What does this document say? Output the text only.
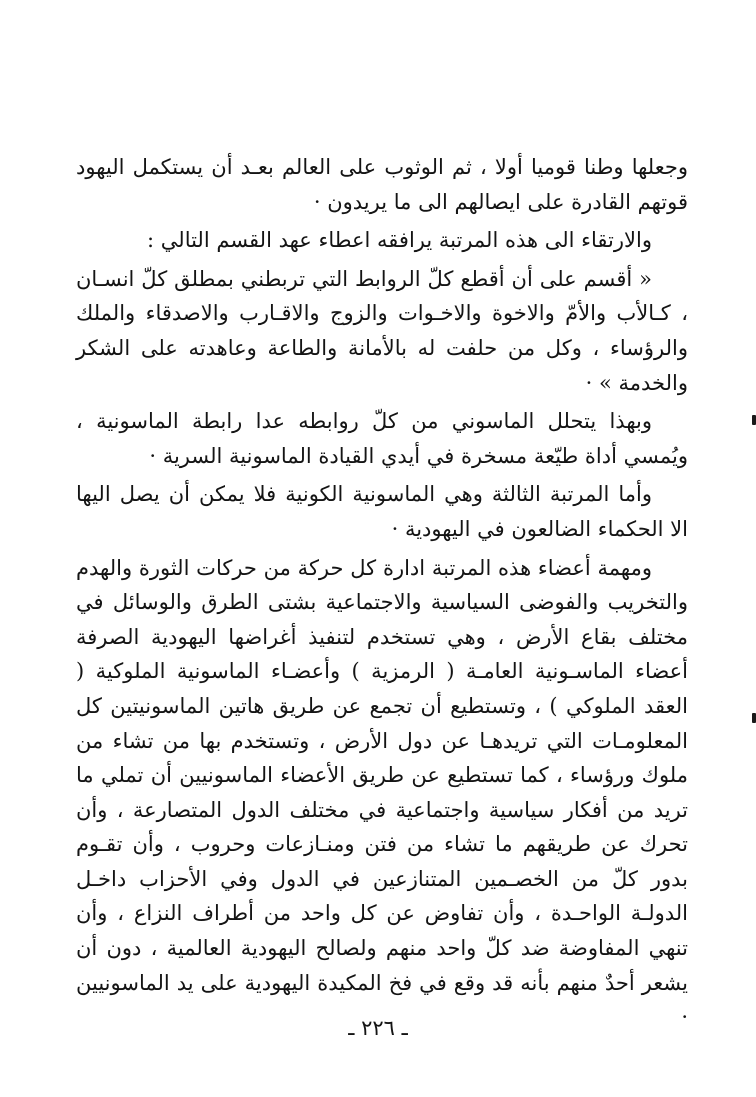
وجعلها وطنا قوميا أولا ، ثم الوثوب على العالم بعـد أن يستكمل اليهود قوتهم القادرة على ايصالهم الى ما يريدون ·

والارتقاء الى هذه المرتبة يرافقه اعطاء عهد القسم التالي :

« أقسم على أن أقطع كلّ الروابط التي تربطني بمطلق كلّ انسـان ، كـالأب والأمّ والاخوة والاخـوات والزوج والاقـارب والاصدقاء والملك والرؤساء ، وكل من حلفت له بالأمانة والطاعة وعاهدته على الشكر والخدمة » ·

وبهذا يتحلل الماسوني من كلّ روابطه عدا رابطة الماسونية ، ويُمسي أداة طيّعة مسخرة في أيدي القيادة الماسونية السرية ·

وأما المرتبة الثالثة وهي الماسونية الكونية فلا يمكن أن يصل اليها الا الحكماء الضالعون في اليهودية ·

ومهمة أعضاء هذه المرتبة ادارة كل حركة من حركات الثورة والهدم والتخريب والفوضى السياسية والاجتماعية بشتى الطرق والوسائل في مختلف بقاع الأرض ، وهي تستخدم لتنفيذ أغراضها اليهودية الصرفة أعضاء الماسـونية العامـة ( الرمزية ) وأعضـاء الماسونية الملوكية ( العقد الملوكي ) ، وتستطيع أن تجمع عن طريق هاتين الماسونيتين كل المعلومـات التي تريدهـا عن دول الأرض ، وتستخدم بها من تشاء من ملوك ورؤساء ، كما تستطيع عن طريق الأعضاء الماسونيين أن تملي ما تريد من أفكار سياسية واجتماعية في مختلف الدول المتصارعة ، وأن تحرك عن طريقهم ما تشاء من فتن ومنـازعات وحروب ، وأن تقـوم بدور كلّ من الخصـمين المتنازعين في الدول وفي الأحزاب داخـل الدولـة الواحـدة ، وأن تفاوض عن كل واحد من أطراف النزاع ، وأن تنهي المفاوضة ضد كلّ واحد منهم ولصالح اليهودية العالمية ، دون أن يشعر أحدٌ منهم بأنه قد وقع في فخ المكيدة اليهودية على يد الماسونيين ·

ـ ٢٢٦ ـ
